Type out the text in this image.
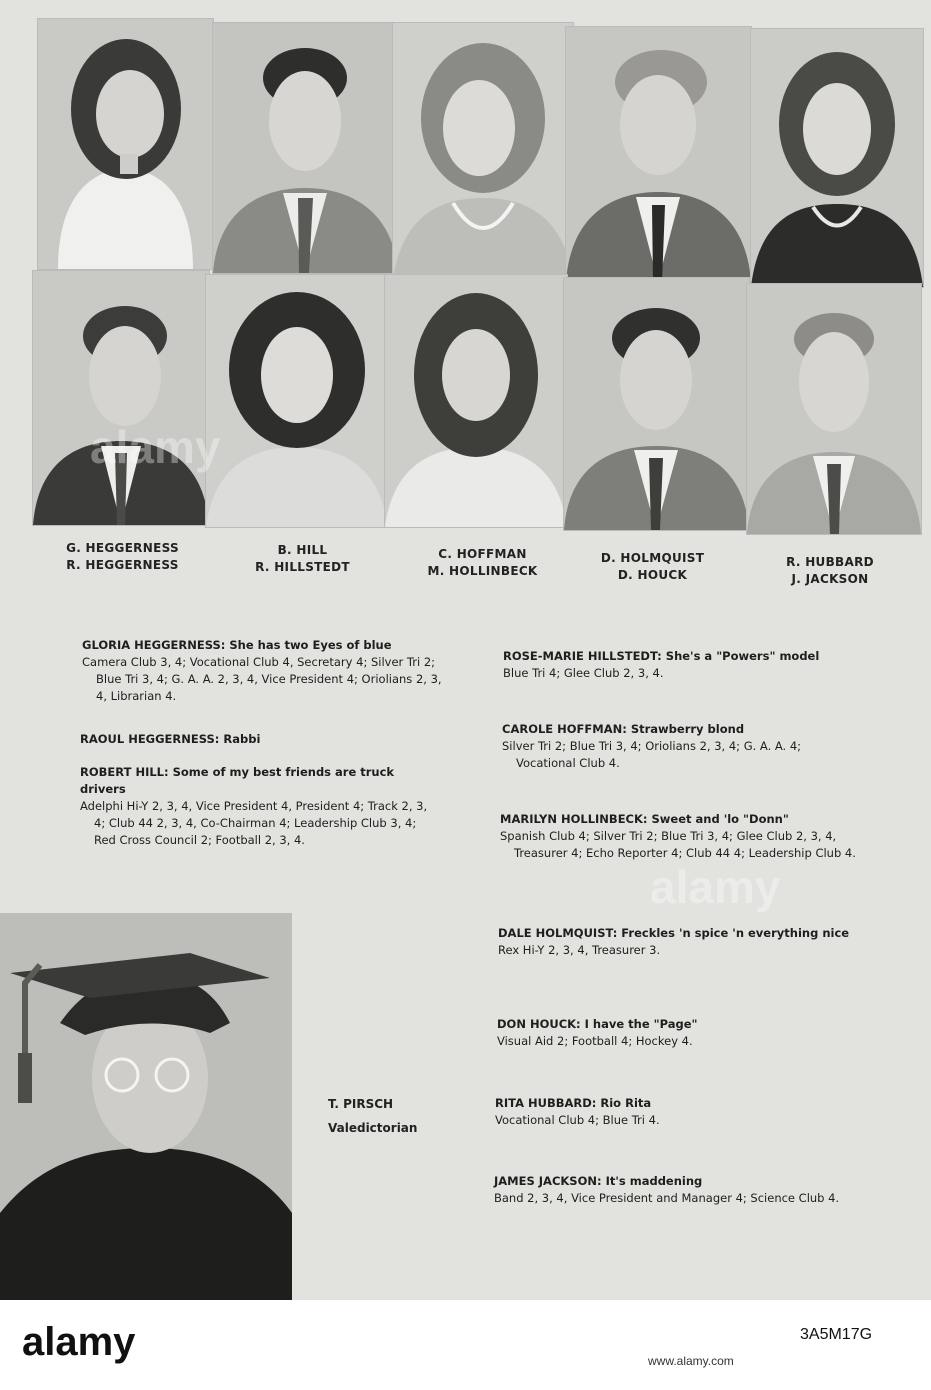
G. HEGGERNESS
R. HEGGERNESS
B. HILL
R. HILLSTEDT
C. HOFFMAN
M. HOLLINBECK
D. HOLMQUIST
D. HOUCK
R. HUBBARD
J. JACKSON
GLORIA HEGGERNESS: She has two Eyes of blue
Camera Club 3, 4; Vocational Club 4, Secretary 4; Silver Tri 2; Blue Tri 3, 4; G. A. A. 2, 3, 4, Vice President 4; Oriolians 2, 3, 4, Librarian 4.
RAOUL HEGGERNESS: Rabbi
ROBERT HILL: Some of my best friends are truck drivers
Adelphi Hi-Y 2, 3, 4, Vice President 4, President 4; Track 2, 3, 4; Club 44 2, 3, 4, Co-Chairman 4; Leadership Club 3, 4; Red Cross Council 2; Football 2, 3, 4.
ROSE-MARIE HILLSTEDT: She's a "Powers" model
Blue Tri 4; Glee Club 2, 3, 4.
CAROLE HOFFMAN: Strawberry blond
Silver Tri 2; Blue Tri 3, 4; Oriolians 2, 3, 4; G. A. A. 4; Vocational Club 4.
MARILYN HOLLINBECK: Sweet and 'lo "Donn"
Spanish Club 4; Silver Tri 2; Blue Tri 3, 4; Glee Club 2, 3, 4, Treasurer 4; Echo Reporter 4; Club 44 4; Leadership Club 4.
DALE HOLMQUIST: Freckles 'n spice 'n everything nice
Rex Hi-Y 2, 3, 4, Treasurer 3.
DON HOUCK: I have the "Page"
Visual Aid 2; Football 4; Hockey 4.
RITA HUBBARD: Rio Rita
Vocational Club 4; Blue Tri 4.
JAMES JACKSON: It's maddening
Band 2, 3, 4, Vice President and Manager 4; Science Club 4.
T. PIRSCH
Valedictorian
alamy
alamy
alamy	www.alamy.com
3A5M17G
